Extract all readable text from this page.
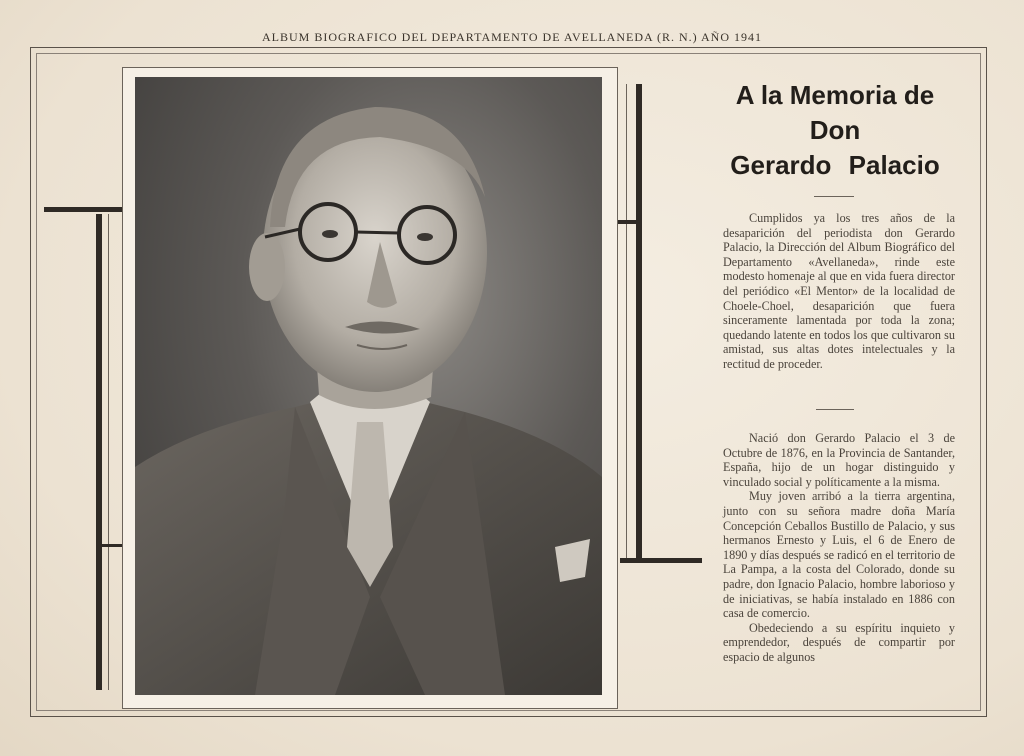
ALBUM BIOGRAFICO DEL DEPARTAMENTO DE AVELLANEDA (R. N.) AÑO 1941
A la Memoria de
Don
Gerardo Palacio

Cumplidos ya los tres años de la desaparición del periodista don Gerardo Palacio, la Dirección del Album Biográfico del Departamento «Avellaneda», rinde este modesto homenaje al que en vida fuera director del periódico «El Mentor» de la localidad de Choele-Choel, desaparición que fuera sinceramente lamentada por toda la zona; quedando latente en todos los que cultivaron su amistad, sus altas dotes intelectuales y la rectitud de proceder.

Nació don Gerardo Palacio el 3 de Octubre de 1876, en la Provincia de Santander, España, hijo de un hogar distinguido y vinculado social y políticamente a la misma.

Muy joven arribó a la tierra argentina, junto con su señora madre doña María Concepción Ceballos Bustillo de Palacio, y sus hermanos Ernesto y Luis, el 6 de Enero de 1890 y días después se radicó en el territorio de La Pampa, a la costa del Colorado, donde su padre, don Ignacio Palacio, hombre laborioso y de iniciativas, se había instalado en 1886 con casa de comercio.

Obedeciendo a su espíritu inquieto y emprendedor, después de compartir por espacio de algunos
